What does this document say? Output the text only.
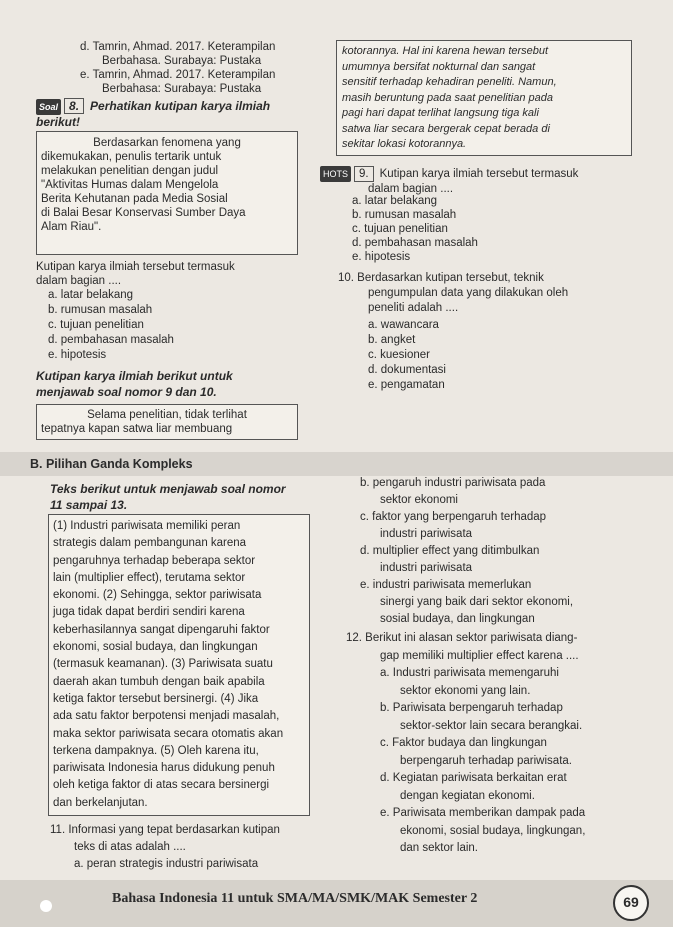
d. Tamrin, Ahmad. 2017. Keterampilan
Berbahasa. Surabaya: Pustaka
e. Tamrin, Ahmad. 2017. Keterampilan
Berbahasa: Surabaya: Pustaka
Soal 8. Perhatikan kutipan karya ilmiah
berikut!
Berdasarkan fenomena yang
dikemukakan, penulis tertarik untuk
melakukan penelitian dengan judul
"Aktivitas Humas dalam Mengelola
Berita Kehutanan pada Media Sosial
di Balai Besar Konservasi Sumber Daya
Alam Riau".
Kutipan karya ilmiah tersebut termasuk
dalam bagian ....
a. latar belakang
b. rumusan masalah
c. tujuan penelitian
d. pembahasan masalah
e. hipotesis
Kutipan karya ilmiah berikut untuk
menjawab soal nomor 9 dan 10.
Selama penelitian, tidak terlihat
tepatnya kapan satwa liar membuang
kotorannya. Hal ini karena hewan tersebut
umumnya bersifat nokturnal dan sangat
sensitif terhadap kehadiran peneliti. Namun,
masih beruntung pada saat penelitian pada
pagi hari dapat terlihat langsung tiga kali
satwa liar secara bergerak cepat berada di
sekitar lokasi kotorannya.
HOTS 9. Kutipan karya ilmiah tersebut termasuk
dalam bagian ....
a. latar belakang
b. rumusan masalah
c. tujuan penelitian
d. pembahasan masalah
e. hipotesis
10. Berdasarkan kutipan tersebut, teknik
pengumpulan data yang dilakukan oleh
peneliti adalah ....
a. wawancara
b. angket
c. kuesioner
d. dokumentasi
e. pengamatan
B. Pilihan Ganda Kompleks
Teks berikut untuk menjawab soal nomor
11 sampai 13.
(1) Industri pariwisata memiliki peran
strategis dalam pembangunan karena
pengaruhnya terhadap beberapa sektor
lain (multiplier effect), terutama sektor
ekonomi. (2) Sehingga, sektor pariwisata
juga tidak dapat berdiri sendiri karena
keberhasilannya sangat dipengaruhi faktor
ekonomi, sosial budaya, dan lingkungan
(termasuk keamanan). (3) Pariwisata suatu
daerah akan tumbuh dengan baik apabila
ketiga faktor tersebut bersinergi. (4) Jika
ada satu faktor berpotensi menjadi masalah,
maka sektor pariwisata secara otomatis akan
terkena dampaknya. (5) Oleh karena itu,
pariwisata Indonesia harus didukung penuh
oleh ketiga faktor di atas secara bersinergi
dan berkelanjutan.
11. Informasi yang tepat berdasarkan kutipan
teks di atas adalah ....
a. peran strategis industri pariwisata
b. pengaruh industri pariwisata pada
sektor ekonomi
c. faktor yang berpengaruh terhadap
industri pariwisata
d. multiplier effect yang ditimbulkan
industri pariwisata
e. industri pariwisata memerlukan
sinergi yang baik dari sektor ekonomi,
sosial budaya, dan lingkungan
12. Berikut ini alasan sektor pariwisata diang-
gap memiliki multiplier effect karena ....
a. Industri pariwisata memengaruhi
sektor ekonomi yang lain.
b. Pariwisata berpengaruh terhadap
sektor-sektor lain secara berangkai.
c. Faktor budaya dan lingkungan
berpengaruh terhadap pariwisata.
d. Kegiatan pariwisata berkaitan erat
dengan kegiatan ekonomi.
e. Pariwisata memberikan dampak pada
ekonomi, sosial budaya, lingkungan,
dan sektor lain.
Bahasa Indonesia 11 untuk SMA/MA/SMK/MAK Semester 2	69
